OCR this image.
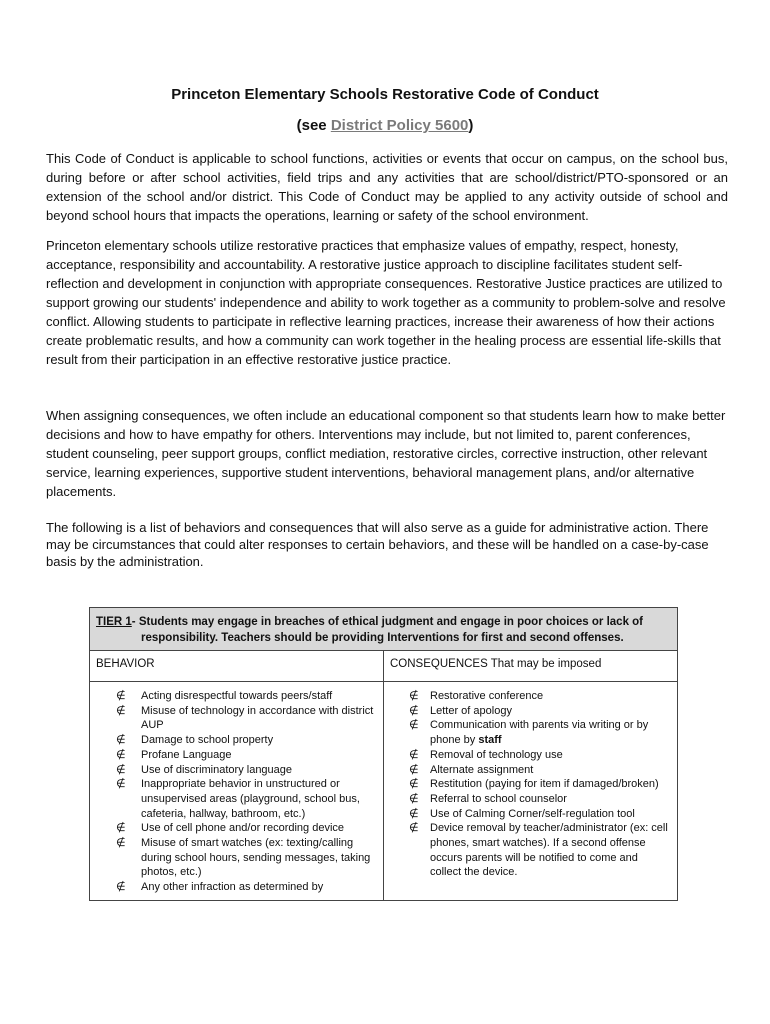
Princeton Elementary Schools Restorative Code of Conduct
(see District Policy 5600)

This Code of Conduct is applicable to school functions, activities or events that occur on campus, on the school bus, during before or after school activities, field trips and any activities that are school/district/PTO-sponsored or an extension of the school and/or district. This Code of Conduct may be applied to any activity outside of school and beyond school hours that impacts the operations, learning or safety of the school environment.

Princeton elementary schools utilize restorative practices that emphasize values of empathy, respect, honesty, acceptance, responsibility and accountability. A restorative justice approach to discipline facilitates student self-reflection and development in conjunction with appropriate consequences. Restorative Justice practices are utilized to support growing our students' independence and ability to work together as a community to problem-solve and resolve conflict. Allowing students to participate in reflective learning practices, increase their awareness of how their actions create problematic results, and how a community can work together in the healing process are essential life-skills that result from their participation in an effective restorative justice practice.

When assigning consequences, we often include an educational component so that students learn how to make better decisions and how to have empathy for others. Interventions may include, but not limited to, parent conferences, student counseling, peer support groups, conflict mediation, restorative circles, corrective instruction, other relevant service, learning experiences, supportive student interventions, behavioral management plans, and/or alternative placements.

The following is a list of behaviors and consequences that will also serve as a guide for administrative action. There may be circumstances that could alter responses to certain behaviors, and these will be handled on a case-by-case basis by the administration.

TIER 1- Students may engage in breaches of ethical judgment and engage in poor choices or lack of
responsibility. Teachers should be providing Interventions for first and second offenses.
BEHAVIOR	CONSEQUENCES That may be imposed
∉ Acting disrespectful towards peers/staff
∉ Misuse of technology in accordance with district AUP
∉ Damage to school property
∉ Profane Language
∉ Use of discriminatory language
∉ Inappropriate behavior in unstructured or unsupervised areas (playground, school bus, cafeteria, hallway, bathroom, etc.)
∉ Use of cell phone and/or recording device
∉ Misuse of smart watches (ex: texting/calling during school hours, sending messages, taking photos, etc.)
∉ Any other infraction as determined by
∉ Restorative conference
∉ Letter of apology
∉ Communication with parents via writing or by phone by staff
∉ Removal of technology use
∉ Alternate assignment
∉ Restitution (paying for item if damaged/broken)
∉ Referral to school counselor
∉ Use of Calming Corner/self-regulation tool
∉ Device removal by teacher/administrator (ex: cell phones, smart watches). If a second offense occurs parents will be notified to come and collect the device.
